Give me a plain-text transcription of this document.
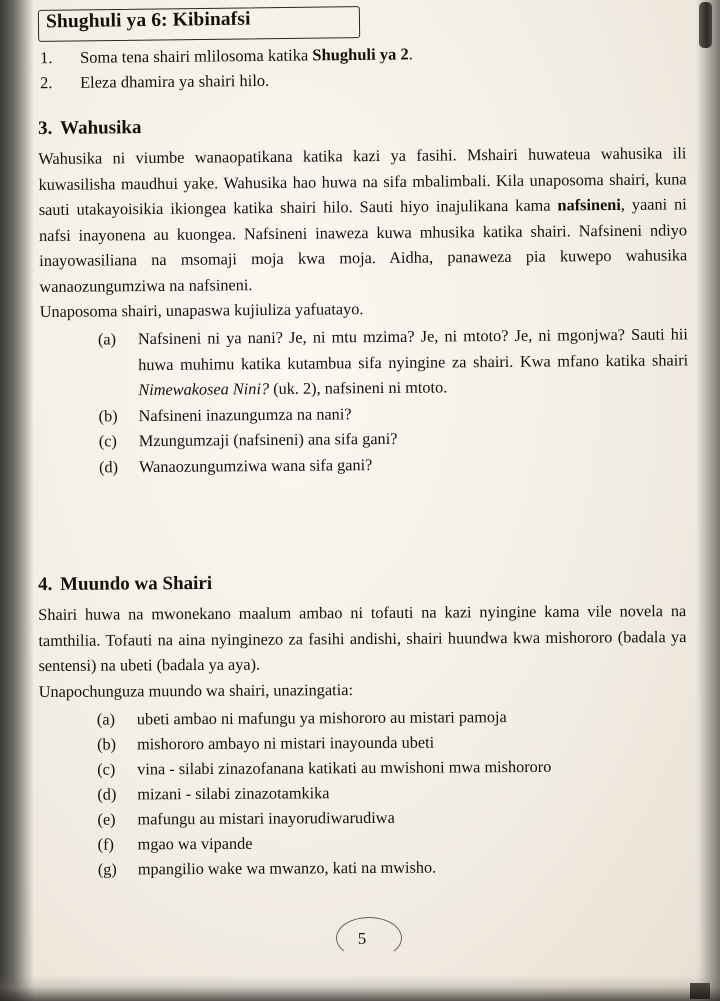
Shughuli ya 6: Kibinafsi
1. Soma tena shairi mlilosoma katika Shughuli ya 2.
2. Eleza dhamira ya shairi hilo.
3. Wahusika

Wahusika ni viumbe wanaopatikana katika kazi ya fasihi. Mshairi huwateua wahusika ili kuwasilisha maudhui yake. Wahusika hao huwa na sifa mbalimbali. Kila unaposoma shairi, kuna sauti utakayoisikia ikiongea katika shairi hilo. Sauti hiyo inajulikana kama nafsineni, yaani ni nafsi inayonena au kuongea. Nafsineni inaweza kuwa mhusika katika shairi. Nafsineni ndiyo inayowasiliana na msomaji moja kwa moja. Aidha, panaweza pia kuwepo wahusika wanaozungumziwa na nafsineni.

Unaposoma shairi, unapaswa kujiuliza yafuatayo.

(a)	Nafsineni ni ya nani? Je, ni mtu mzima? Je, ni mtoto? Je, ni mgonjwa? Sauti hii huwa muhimu katika kutambua sifa nyinginе za shairi. Kwa mfano katika shairi Nimewakosea Nini? (uk. 2), nafsineni ni mtoto.
(b)	Nafsineni inazungumza na nani?
(c)	Mzungumzaji (nafsineni) ana sifa gani?
(d)	Wanaozungumziwa wana sifa gani?
4. Muundo wa Shairi

Shairi huwa na mwonekano maalum ambao ni tofauti na kazi nyingine kama vile novela na tamthilia. Tofauti na aina nyinginezo za fasihi andishi, shairi huundwa kwa mishororo (badala ya sentensi) na ubeti (badala ya aya).

Unapochunguza muundo wa shairi, unazingatia:

(a)	ubeti ambao ni mafungu ya mishororo au mistari pamoja
(b)	mishororo ambayo ni mistari inayounda ubeti
(c)	vina - silabi zinazofanana katikati au mwishoni mwa mishororo
(d)	mizani - silabi zinazotamkika
(e)	mafungu au mistari inayorudiwarudiwa
(f)	mgao wa vipande
(g)	mpangilio wake wa mwanzo, kati na mwisho.
5
